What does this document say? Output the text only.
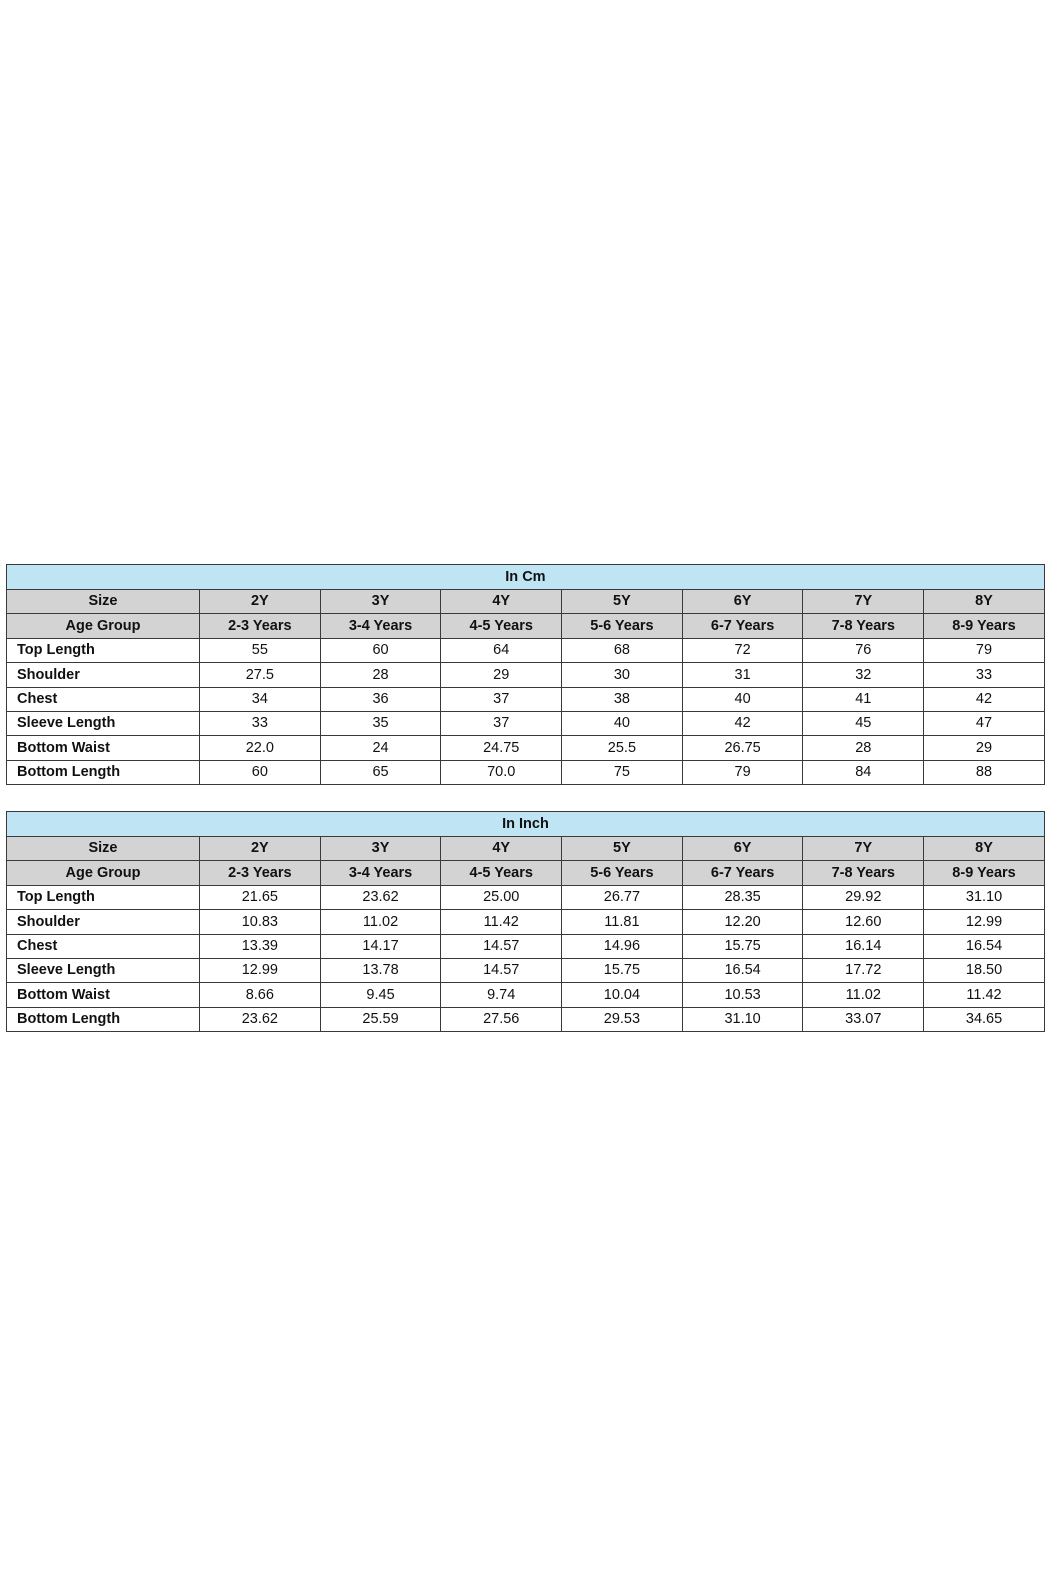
In Cm							
Size	2Y	3Y	4Y	5Y	6Y	7Y	8Y
Age Group	2-3 Years	3-4 Years	4-5 Years	5-6 Years	6-7 Years	7-8 Years	8-9 Years
Top Length	55	60	64	68	72	76	79
Shoulder	27.5	28	29	30	31	32	33
Chest	34	36	37	38	40	41	42
Sleeve Length	33	35	37	40	42	45	47
Bottom Waist	22.0	24	24.75	25.5	26.75	28	29
Bottom Length	60	65	70.0	75	79	84	88
In Inch							
Size	2Y	3Y	4Y	5Y	6Y	7Y	8Y
Age Group	2-3 Years	3-4 Years	4-5 Years	5-6 Years	6-7 Years	7-8 Years	8-9 Years
Top Length	21.65	23.62	25.00	26.77	28.35	29.92	31.10
Shoulder	10.83	11.02	11.42	11.81	12.20	12.60	12.99
Chest	13.39	14.17	14.57	14.96	15.75	16.14	16.54
Sleeve Length	12.99	13.78	14.57	15.75	16.54	17.72	18.50
Bottom Waist	8.66	9.45	9.74	10.04	10.53	11.02	11.42
Bottom Length	23.62	25.59	27.56	29.53	31.10	33.07	34.65
